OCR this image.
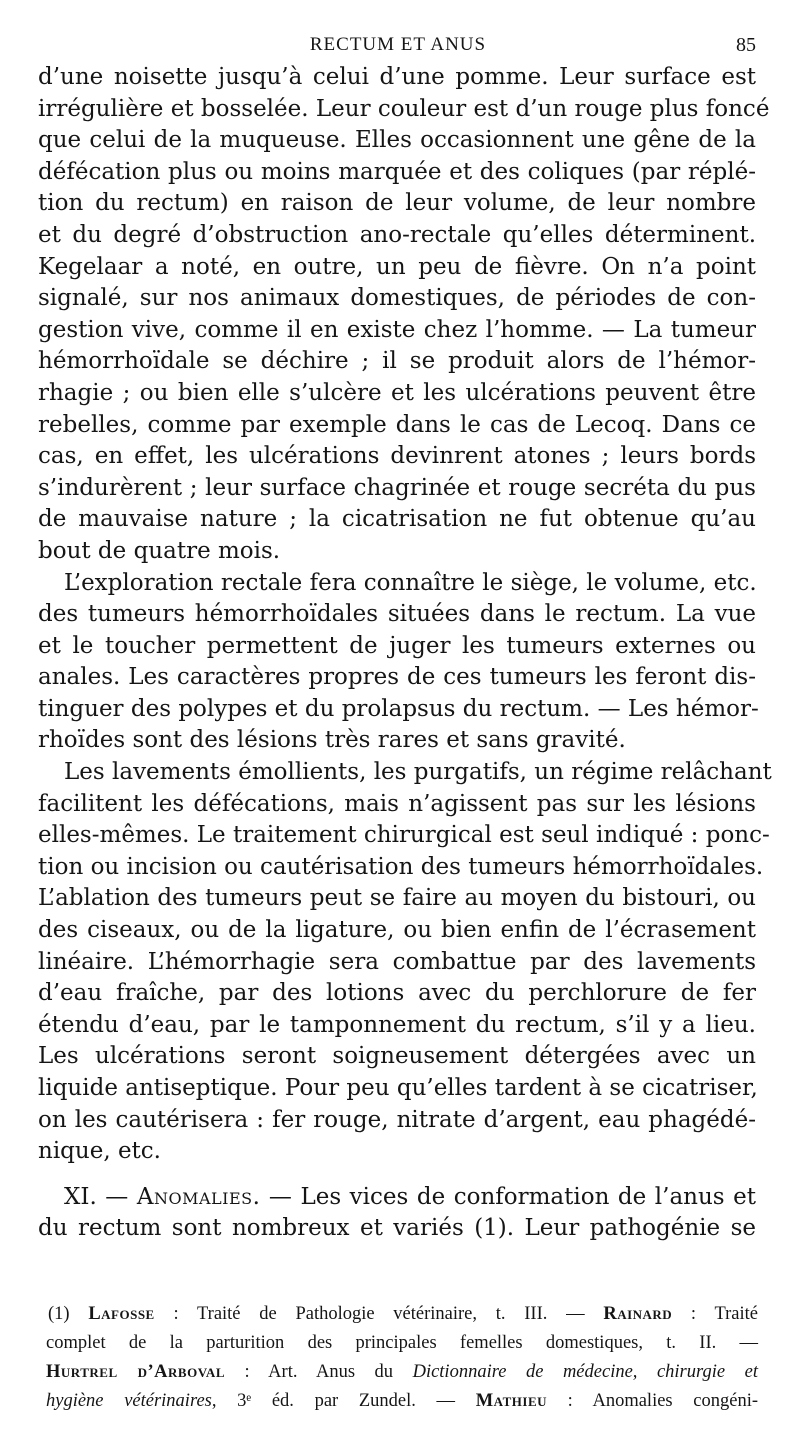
RECTUM ET ANUS	85
d’une noisette jusqu’à celui d’une pomme. Leur surface est
irrégulière et bosselée. Leur couleur est d’un rouge plus foncé
que celui de la muqueuse. Elles occasionnent une gêne de la
défécation plus ou moins marquée et des coliques (par réplé-
tion du rectum) en raison de leur volume, de leur nombre
et du degré d’obstruction ano-rectale qu’elles déterminent.
Kegelaar a noté, en outre, un peu de fièvre. On n’a point
signalé, sur nos animaux domestiques, de périodes de con-
gestion vive, comme il en existe chez l’homme. — La tumeur
hémorrhoïdale se déchire ; il se produit alors de l’hémor-
rhagie ; ou bien elle s’ulcère et les ulcérations peuvent être
rebelles, comme par exemple dans le cas de Lecoq. Dans ce
cas, en effet, les ulcérations devinrent atones ; leurs bords
s’indurèrent ; leur surface chagrinée et rouge secréta du pus
de mauvaise nature ; la cicatrisation ne fut obtenue qu’au
bout de quatre mois.
L’exploration rectale fera connaître le siège, le volume, etc.
des tumeurs hémorrhoïdales situées dans le rectum. La vue
et le toucher permettent de juger les tumeurs externes ou
anales. Les caractères propres de ces tumeurs les feront dis-
tinguer des polypes et du prolapsus du rectum. — Les hémor-
rhoïdes sont des lésions très rares et sans gravité.
Les lavements émollients, les purgatifs, un régime relâchant
facilitent les défécations, mais n’agissent pas sur les lésions
elles-mêmes. Le traitement chirurgical est seul indiqué : ponc-
tion ou incision ou cautérisation des tumeurs hémorrhoïdales.
L’ablation des tumeurs peut se faire au moyen du bistouri, ou
des ciseaux, ou de la ligature, ou bien enfin de l’écrasement
linéaire. L’hémorrhagie sera combattue par des lavements
d’eau fraîche, par des lotions avec du perchlorure de fer
étendu d’eau, par le tamponnement du rectum, s’il y a lieu.
Les ulcérations seront soigneusement détergées avec un
liquide antiseptique. Pour peu qu’elles tardent à se cicatriser,
on les cautérisera : fer rouge, nitrate d’argent, eau phagédé-
nique, etc.
XI. — Anomalies. — Les vices de conformation de l’anus et
du rectum sont nombreux et variés (1). Leur pathogénie se
(1) Lafosse : Traité de Pathologie vétérinaire, t. III. — Rainard : Traité
complet de la parturition des principales femelles domestiques, t. II. —
Hurtrel d’Arboval : Art. Anus du Dictionnaire de médecine, chirurgie et
hygiène vétérinaires, 3ᵉ éd. par Zundel. — Mathieu : Anomalies congéni-
